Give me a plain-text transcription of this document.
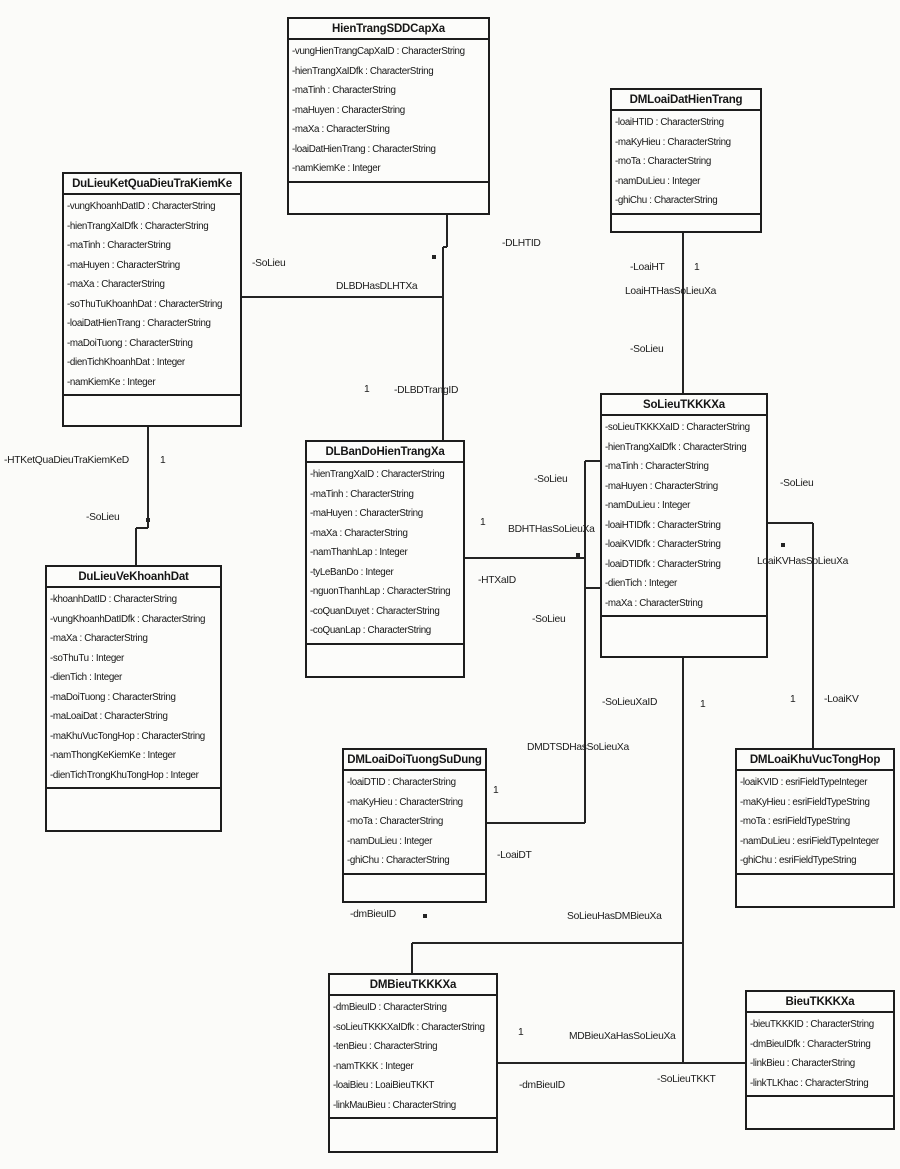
HienTrangSDDCapXa
-vungHienTrangCapXaID : CharacterString
-hienTrangXaIDfk : CharacterString
-maTinh : CharacterString
-maHuyen : CharacterString
-maXa : CharacterString
-loaiDatHienTrang : CharacterString
-namKiemKe : Integer
DMLoaiDatHienTrang
-loaiHTID : CharacterString
-maKyHieu : CharacterString
-moTa : CharacterString
-namDuLieu : Integer
-ghiChu : CharacterString
DuLieuKetQuaDieuTraKiemKe
-vungKhoanhDatID : CharacterString
-hienTrangXaIDfk : CharacterString
-maTinh : CharacterString
-maHuyen : CharacterString
-maXa : CharacterString
-soThuTuKhoanhDat : CharacterString
-loaiDatHienTrang : CharacterString
-maDoiTuong : CharacterString
-dienTichKhoanhDat : Integer
-namKiemKe : Integer
DLBanDoHienTrangXa
-hienTrangXaID : CharacterString
-maTinh : CharacterString
-maHuyen : CharacterString
-maXa : CharacterString
-namThanhLap : Integer
-tyLeBanDo : Integer
-nguonThanhLap : CharacterString
-coQuanDuyet : CharacterString
-coQuanLap : CharacterString
SoLieuTKKKXa
-soLieuTKKKXaID : CharacterString
-hienTrangXaIDfk : CharacterString
-maTinh : CharacterString
-maHuyen : CharacterString
-namDuLieu : Integer
-loaiHTIDfk : CharacterString
-loaiKVIDfk : CharacterString
-loaiDTIDfk : CharacterString
-dienTich : Integer
-maXa : CharacterString
DuLieuVeKhoanhDat
-khoanhDatID : CharacterString
-vungKhoanhDatIDfk : CharacterString
-maXa : CharacterString
-soThuTu : Integer
-dienTich : Integer
-maDoiTuong : CharacterString
-maLoaiDat : CharacterString
-maKhuVucTongHop : CharacterString
-namThongKeKiemKe : Integer
-dienTichTrongKhuTongHop : Integer
DMLoaiDoiTuongSuDung
-loaiDTID : CharacterString
-maKyHieu : CharacterString
-moTa : CharacterString
-namDuLieu : Integer
-ghiChu : CharacterString
DMLoaiKhuVucTongHop
-loaiKVID : esriFieldTypeInteger
-maKyHieu : esriFieldTypeString
-moTa : esriFieldTypeString
-namDuLieu : esriFieldTypeInteger
-ghiChu : esriFieldTypeString
DMBieuTKKKXa
-dmBieuID : CharacterString
-soLieuTKKKXaIDfk : CharacterString
-tenBieu : CharacterString
-namTKKK : Integer
-loaiBieu : LoaiBieuTKKT
-linkMauBieu : CharacterString
BieuTKKKXa
-bieuTKKKID : CharacterString
-dmBieuIDfk : CharacterString
-linkBieu : CharacterString
-linkTLKhac : CharacterString
-DLHTID
-SoLieu
DLBDHasDLHTXa
1 -DLBDTrangID
-LoaiHT	1
LoaiHTHasSoLieuXa
-SoLieu
-HTKetQuaDieuTraKiemKeD	1
-SoLieu
-SoLieu
1
BDHTHasSoLieuXa
-HTXaID
-SoLieu
-SoLieu
LoaiKVHasSoLieuXa
1	-LoaiKV
-SoLieuXaID	1
DMDTSDHasSoLieuXa
1
-LoaiDT
-dmBieuID	SoLieuHasDMBieuXa
1	MDBieuXaHasSoLieuXa
-dmBieuID
-SoLieuTKKT
